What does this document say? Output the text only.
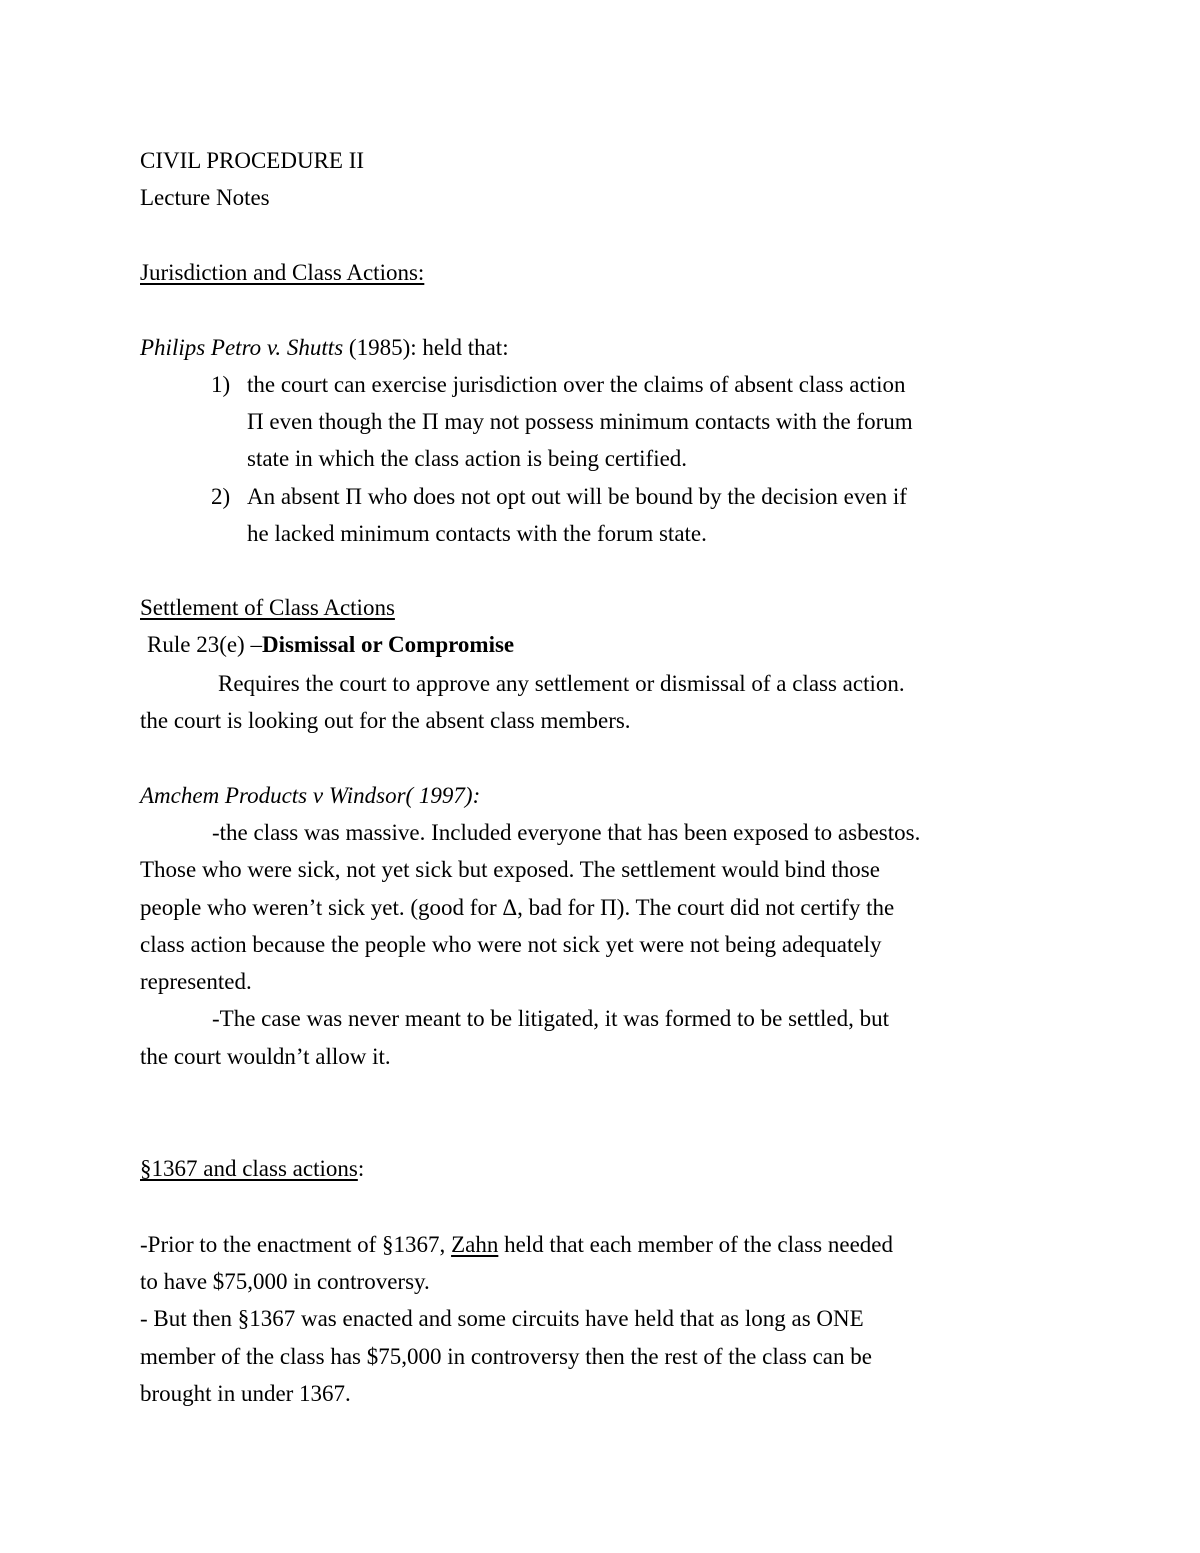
CIVIL PROCEDURE II
Lecture Notes
Jurisdiction and Class Actions:
Philips Petro v. Shutts (1985): held that:
1) the court can exercise jurisdiction over the claims of absent class action
Π even though the Π may not possess minimum contacts with the forum
state in which the class action is being certified.
2) An absent Π who does not opt out will be bound by the decision even if
he lacked minimum contacts with the forum state.
Settlement of Class Actions
Rule 23(e) –Dismissal or Compromise
Requires the court to approve any settlement or dismissal of a class action.
the court is looking out for the absent class members.
Amchem Products v Windsor( 1997):
-the class was massive. Included everyone that has been exposed to asbestos.
Those who were sick, not yet sick but exposed. The settlement would bind those
people who weren’t sick yet. (good for Δ, bad for Π). The court did not certify the
class action because the people who were not sick yet were not being adequately
represented.
-The case was never meant to be litigated, it was formed to be settled, but
the court wouldn’t allow it.
§1367 and class actions:
-Prior to the enactment of §1367, Zahn held that each member of the class needed
to have $75,000 in controversy.
- But then §1367 was enacted and some circuits have held that as long as ONE
member of the class has $75,000 in controversy then the rest of the class can be
brought in under 1367.
